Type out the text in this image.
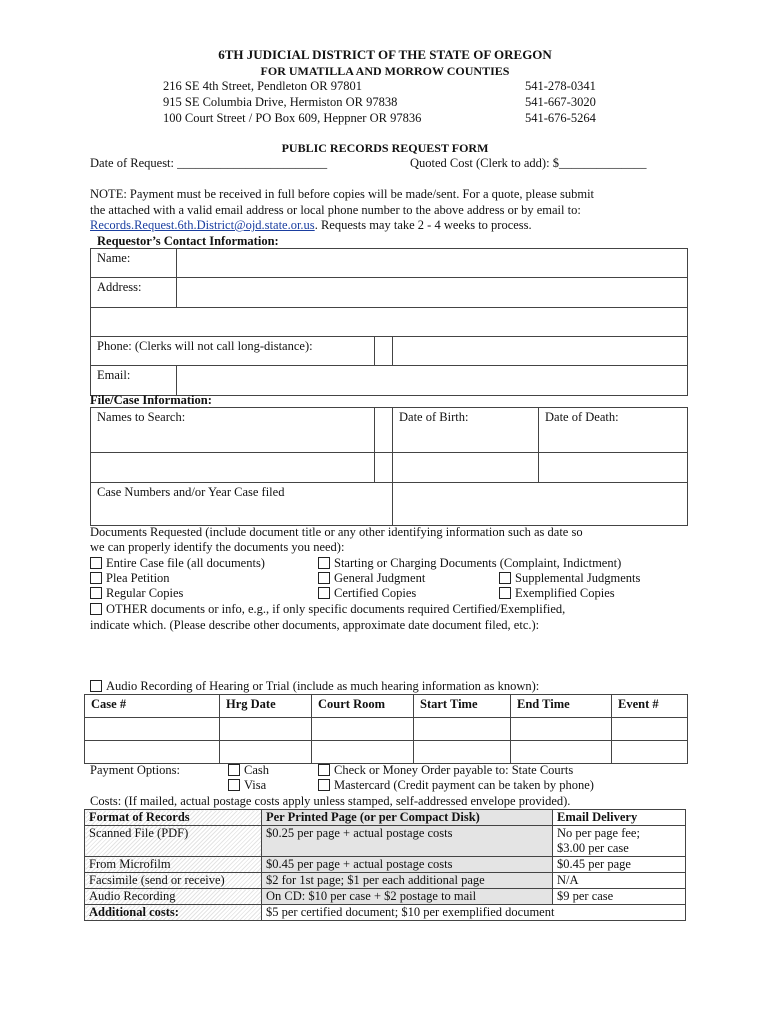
6TH JUDICIAL DISTRICT OF THE STATE OF OREGON
FOR UMATILLA AND MORROW COUNTIES
216 SE 4th Street, Pendleton OR 97801	541-278-0341
915 SE Columbia Drive, Hermiston OR 97838	541-667-3020
100 Court Street / PO Box 609, Heppner OR 97836	541-676-5264
PUBLIC RECORDS REQUEST FORM
Date of Request: ________________________	Quoted Cost (Clerk to add): $______________
NOTE: Payment must be received in full before copies will be made/sent. For a quote, please submit
the attached with a valid email address or local phone number to the above address or by email to:
Records.Request.6th.District@ojd.state.or.us. Requests may take 2 - 4 weeks to process.
Requestor’s Contact Information:
Name:
Address:
Phone: (Clerks will not call long-distance):
Email:
File/Case Information:
Names to Search:	Date of Birth:	Date of Death:
Case Numbers and/or Year Case filed
Documents Requested (include document title or any other identifying information such as date so
we can properly identify the documents you need):
Entire Case file (all documents)	Starting or Charging Documents (Complaint, Indictment)
Plea Petition	General Judgment	Supplemental Judgments
Regular Copies	Certified Copies	Exemplified Copies
OTHER documents or info, e.g., if only specific documents required Certified/Exemplified,
indicate which. (Please describe other documents, approximate date document filed, etc.):
Audio Recording of Hearing or Trial (include as much hearing information as known):
Case #	Hrg Date	Court Room	Start Time	End Time	Event #
Payment Options:	Cash	Check or Money Order payable to: State Courts
Visa	Mastercard (Credit payment can be taken by phone)
Costs: (If mailed, actual postage costs apply unless stamped, self-addressed envelope provided).
Format of Records	Per Printed Page (or per Compact Disk)	Email Delivery
Scanned File (PDF)	$0.25 per page + actual postage costs	No per page fee;
$3.00 per case

From Microfilm	$0.45 per page + actual postage costs	$0.45 per page
Facsimile (send or receive)	$2 for 1st page; $1 per each additional page	N/A
Audio Recording	On CD: $10 per case + $2 postage to mail	$9 per case
Additional costs:	$5 per certified document; $10 per exemplified document	
